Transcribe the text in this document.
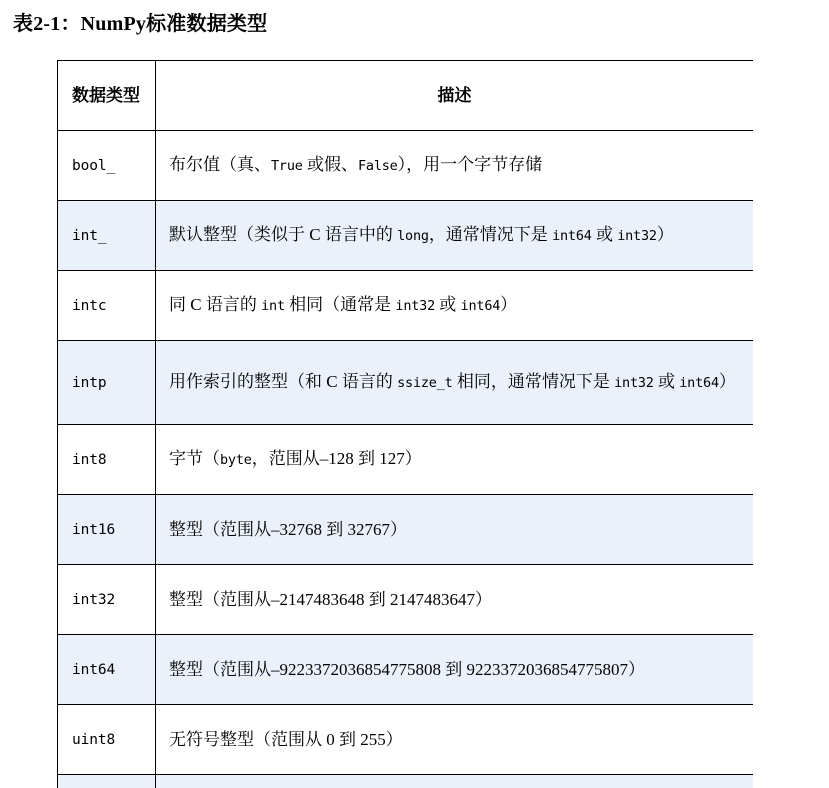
表2-1：NumPy标准数据类型
数据类型	描述

bool_	布尔值（真、True 或假、False），用一个字节存储

int_	默认整型（类似于 C 语言中的 long，通常情况下是 int64 或 int32）

intc	同 C 语言的 int 相同（通常是 int32 或 int64）

intp	用作索引的整型（和 C 语言的 ssize_t 相同，通常情况下是 int32 或 int64）

int8	字节（byte，范围从–128 到 127）

int16	整型（范围从–32768 到 32767）

int32	整型（范围从–2147483648 到 2147483647）

int64	整型（范围从–9223372036854775808 到 9223372036854775807）

uint8	无符号整型（范围从 0 到 255）
